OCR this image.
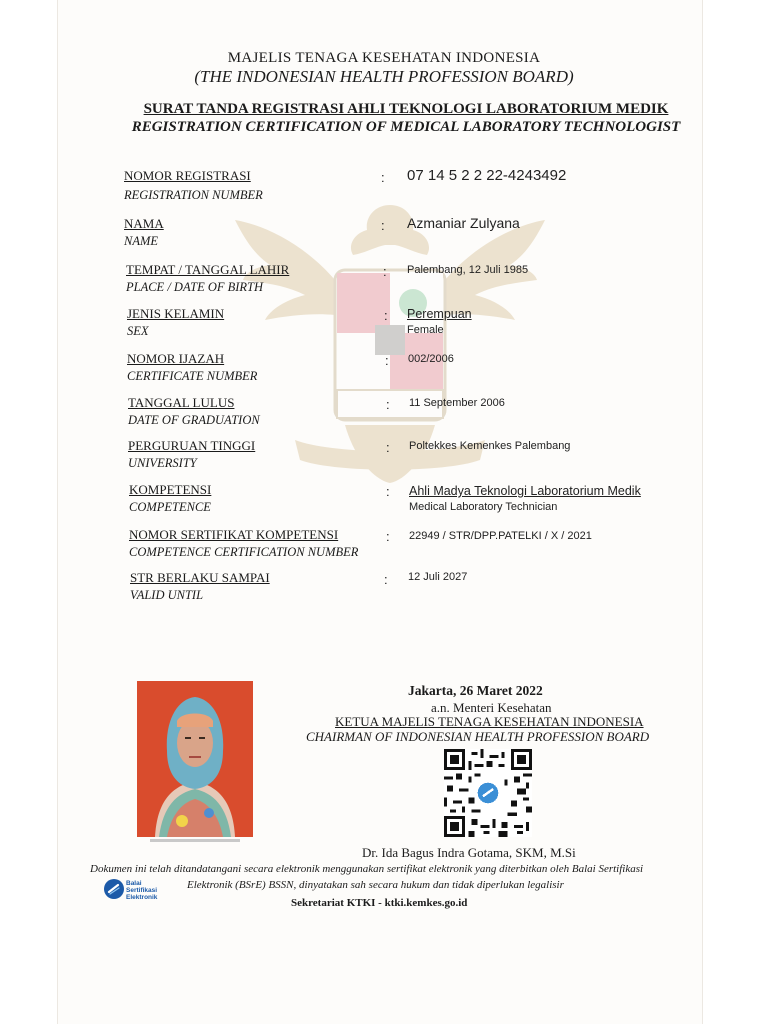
MAJELIS TENAGA KESEHATAN INDONESIA
(THE INDONESIAN HEALTH PROFESSION BOARD)
SURAT TANDA REGISTRASI AHLI TEKNOLOGI LABORATORIUM MEDIK
REGISTRATION CERTIFICATION OF MEDICAL LABORATORY TECHNOLOGIST
NOMOR REGISTRASI
REGISTRATION NUMBER
: 07 14 5 2 2 22-4243492
NAMA
NAME
: Azmaniar Zulyana
TEMPAT / TANGGAL LAHIR
PLACE / DATE OF BIRTH
: Palembang, 12 Juli 1985
JENIS KELAMIN
SEX
: Perempuan
Female
NOMOR IJAZAH
CERTIFICATE NUMBER
: 002/2006
TANGGAL LULUS
DATE OF GRADUATION
: 11 September 2006
PERGURUAN TINGGI
UNIVERSITY
: Poltekkes Kemenkes Palembang
KOMPETENSI
COMPETENCE
: Ahli Madya Teknologi Laboratorium Medik
Medical Laboratory Technician
NOMOR SERTIFIKAT KOMPETENSI
COMPETENCE CERTIFICATION NUMBER
: 22949 / STR/DPP.PATELKI / X / 2021
STR BERLAKU SAMPAI
VALID UNTIL
: 12 Juli 2027
Jakarta, 26 Maret 2022
a.n. Menteri Kesehatan
KETUA MAJELIS TENAGA KESEHATAN INDONESIA
CHAIRMAN OF INDONESIAN HEALTH PROFESSION BOARD
Dr. Ida Bagus Indra Gotama, SKM, M.Si
Dokumen ini telah ditandatangani secara elektronik menggunakan sertifikat elektronik yang diterbitkan oleh Balai Sertifikasi
Elektronik (BSrE) BSSN, dinyatakan sah secara hukum dan tidak diperlukan legalisir
Sekretariat KTKI - ktki.kemkes.go.id
Balai
Sertifikasi
Elektronik
